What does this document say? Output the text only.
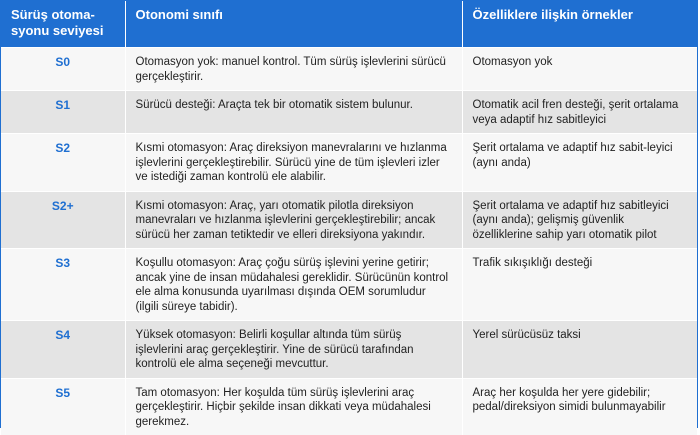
Sürüş otoma-syonu seviyesi	Otonomi sınıfı	Özelliklere ilişkin örnekler
S0	Otomasyon yok: manuel kontrol. Tüm sürüş işlevlerini sürücü gerçekleştirir.	Otomasyon yok
S1	Sürücü desteği: Araçta tek bir otomatik sistem bulunur.	Otomatik acil fren desteği, şerit ortalama veya adaptif hız sabitleyici
S2	Kısmi otomasyon: Araç direksiyon manevralarını ve hızlanma işlevlerini gerçekleştirebilir. Sürücü yine de tüm işlevleri izler ve istediği zaman kontrolü ele alabilir.	Şerit ortalama ve adaptif hız sabit-leyici (aynı anda)
S2+	Kısmi otomasyon: Araç, yarı otomatik pilotla direksiyon manevraları ve hızlanma işlevlerini gerçekleştirebilir; ancak sürücü her zaman tetiktedir ve elleri direksiyona yakındır.	Şerit ortalama ve adaptif hız sabitleyici (aynı anda); gelişmiş güvenlik özelliklerine sahip yarı otomatik pilot
S3	Koşullu otomasyon: Araç çoğu sürüş işlevini yerine getirir; ancak yine de insan müdahalesi gereklidir. Sürücünün kontrol ele alma konusunda uyarılması dışında OEM sorumludur (ilgili süreye tabidir).	Trafik sıkışıklığı desteği
S4	Yüksek otomasyon: Belirli koşullar altında tüm sürüş işlevlerini araç gerçekleştirir. Yine de sürücü tarafından kontrolü ele alma seçeneği mevcuttur.	Yerel sürücüsüz taksi
S5	Tam otomasyon: Her koşulda tüm sürüş işlevlerini araç gerçekleştirir. Hiçbir şekilde insan dikkati veya müdahalesi gerekmez.	Araç her koşulda her yere gidebilir; pedal/direksiyon simidi bulunmayabilir
